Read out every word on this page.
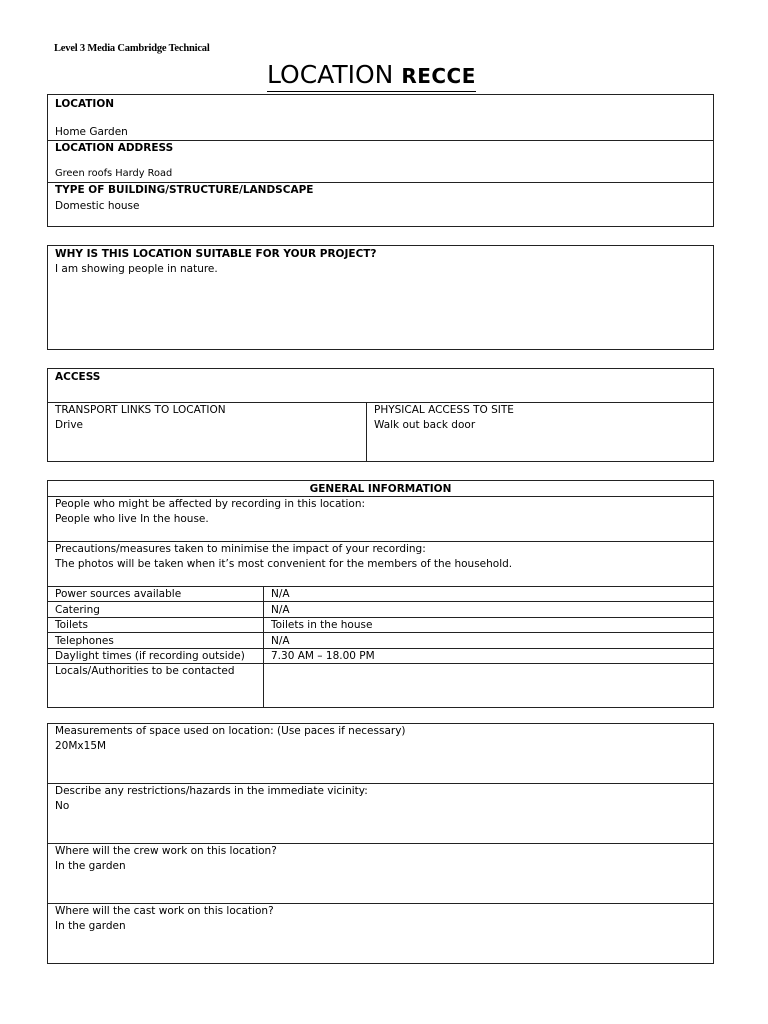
Level 3 Media Cambridge Technical
LOCATION RECCE
LOCATION
Home Garden
LOCATION ADDRESS
Green roofs Hardy Road
TYPE OF BUILDING/STRUCTURE/LANDSCAPE
Domestic house
WHY IS THIS LOCATION SUITABLE FOR YOUR PROJECT?
I am showing people in nature.
ACCESS
TRANSPORT LINKS TO LOCATION
Drive
PHYSICAL ACCESS TO SITE
Walk out back door
GENERAL INFORMATION
People who might be affected by recording in this location:
People who live In the house.
Precautions/measures taken to minimise the impact of your recording:
The photos will be taken when it’s most convenient for the members of the household.
Power sources available	N/A
Catering	N/A
Toilets	Toilets in the house
Telephones	N/A
Daylight times (if recording outside) 7.30 AM – 18.00 PM
Locals/Authorities to be contacted
Measurements of space used on location: (Use paces if necessary)
20Mx15M
Describe any restrictions/hazards in the immediate vicinity:
No
Where will the crew work on this location?
In the garden
Where will the cast work on this location?
In the garden
